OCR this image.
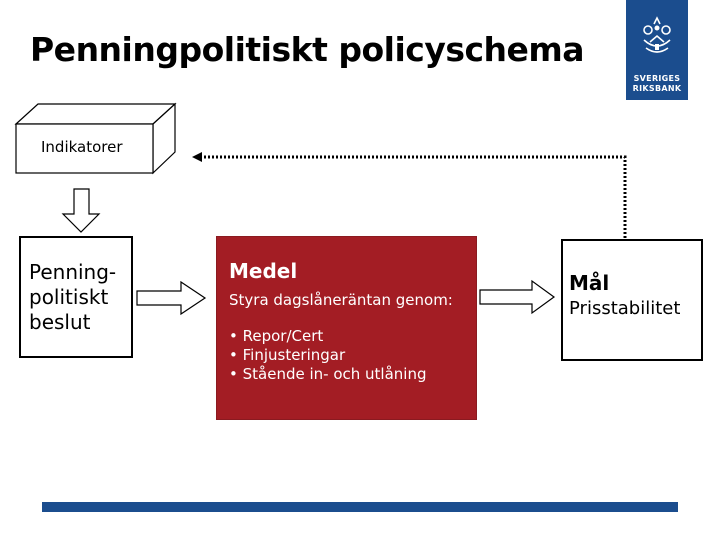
Penningpolitiskt policyschema
SVERIGES
RIKSBANK
Indikatorer
Penning-
politiskt
beslut
Medel
Styra dagslåneräntan genom:
• Repor/Cert
• Finjusteringar
• Stående in- och utlåning
Mål
Prisstabilitet
